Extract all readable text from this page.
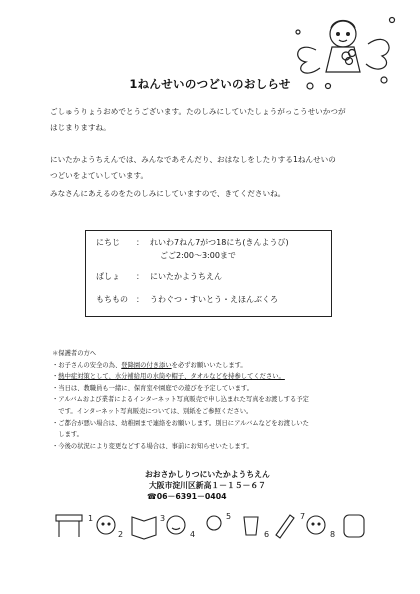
1ねんせいのつどいのおしらせ
ごしゅうりょうおめでとうございます。たのしみにしていたしょうがっこうせいかつが
はじまりますね。
にいたかようちえんでは、みんなであそんだり、おはなしをしたりする1ねんせいの
つどいをよていしています。
みなさんにあえるのをたのしみにしていますので、きてくださいね。
にちじ ： れいわ7ねん7がつ18にち(きんようび)
ごご2:00～3:00まで
ばしょ ： にいたかようちえん
もちもの ： うわぐつ・すいとう・えほんぶくろ
＊保護者の方へ
・お子さんの安全の為、登降園の付き添いを必ずお願いいたします。
・熱中症対策として、水分補給用の水筒や帽子、タオルなどを持参してください。
・当日は、教職員も一緒に、保育室や園庭での遊びを予定しています。
・アルバムおよび業者によるインターネット写真販売で申し込まれた写真をお渡しする予定
　です。インターネット写真販売については、別紙をご参照ください。
・ご都合が悪い場合は、幼稚園まで連絡をお願いします。別日にアルバムなどをお渡しいた
　します。
・今後の状況により変更などする場合は、事前にお知らせいたします。
おおさかしりつにいたかようちえん
大阪市淀川区新高１－１５－６７
☎06－6391－0404
1
2
3
4
5
6
7
8
